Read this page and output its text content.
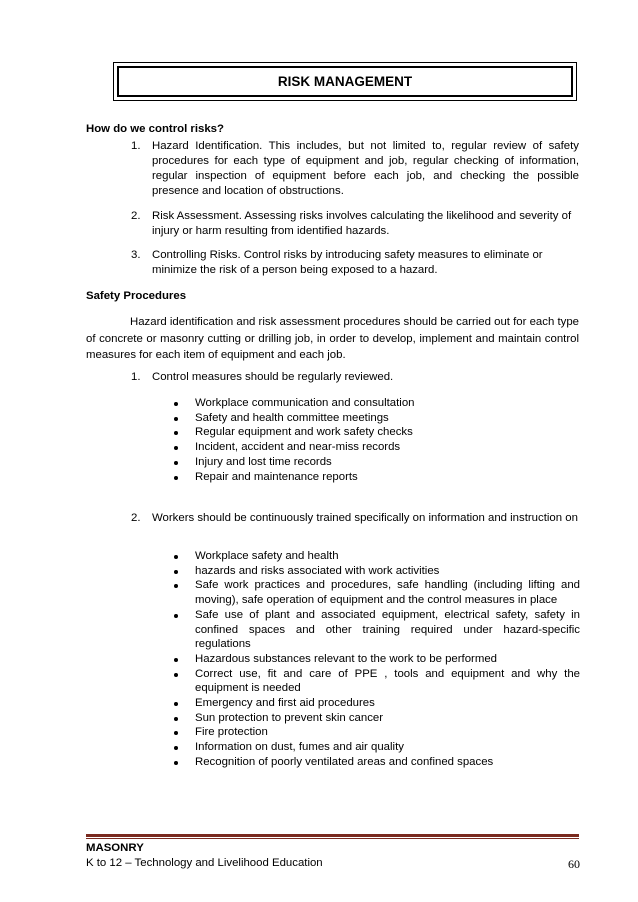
RISK MANAGEMENT
How do we control risks?
1.	Hazard Identification. This includes, but not limited to, regular review of safety procedures for each type of equipment and job, regular checking of information, regular inspection of equipment before each job, and checking the possible presence and location of obstructions.
2.	Risk Assessment. Assessing risks involves calculating the likelihood and severity of injury or harm resulting from identified hazards.
3.	Controlling Risks. Control risks by introducing safety measures to eliminate or minimize the risk of a person being exposed to a hazard.
Safety Procedures
Hazard identification and risk assessment procedures should be carried out for each type of concrete or masonry cutting or drilling job, in order to develop, implement and maintain control measures for each item of equipment and each job.
1.	Control measures should be regularly reviewed.
Workplace communication and consultation
Safety and health committee meetings
Regular equipment and work safety checks
Incident, accident and near-miss records
Injury and lost time records
Repair and maintenance reports
2.	Workers should be continuously trained specifically on information and instruction on
Workplace safety and health
hazards and risks associated with work activities
Safe work practices and procedures, safe handling (including lifting and moving), safe operation of equipment and the control measures in place
Safe use of plant and associated equipment, electrical safety, safety in confined spaces and other training required under hazard-specific regulations
Hazardous substances relevant to the work to be performed
Correct use, fit and care of PPE , tools and equipment and why the equipment is needed
Emergency and first aid procedures
Sun protection to prevent skin cancer
Fire protection
Information on dust, fumes and air quality
Recognition of poorly ventilated areas and confined spaces
MASONRY
K to 12 – Technology and Livelihood Education	60
